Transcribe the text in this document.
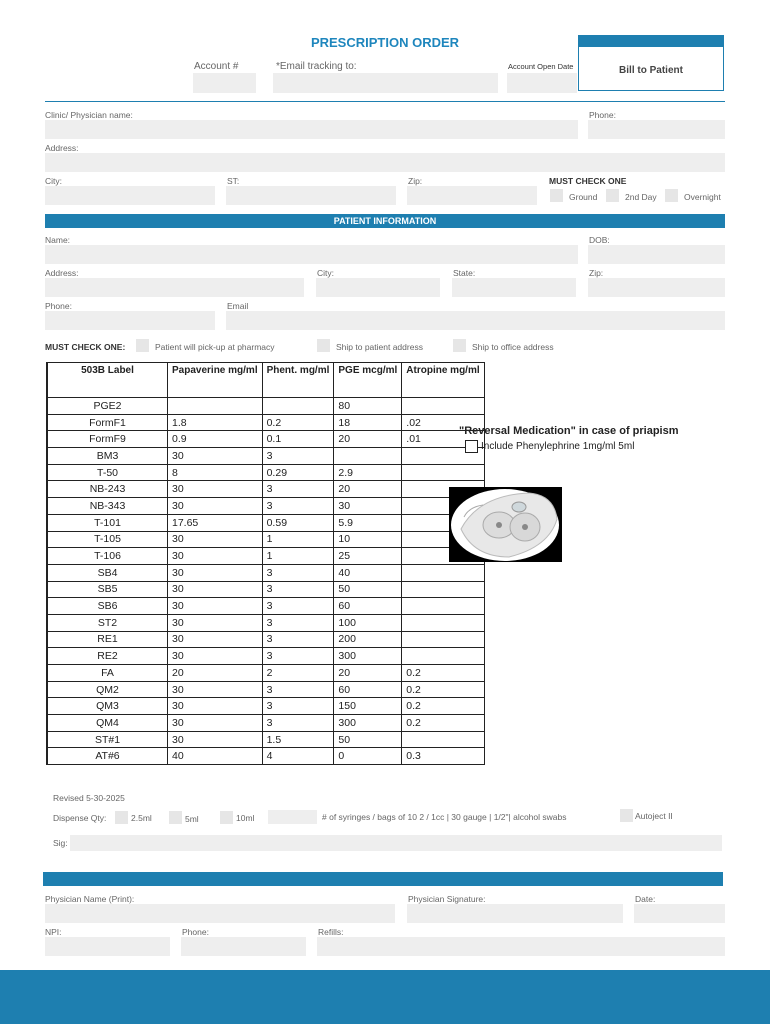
PRESCRIPTION ORDER
Account #	*Email tracking to:	Account Open Date	Bill to Patient
Clinic/ Physician name:	Phone:
Address:
City:	ST:	Zip:	MUST CHECK ONE
Ground	2nd Day	Overnight
PATIENT INFORMATION
Name:	DOB:
Address:	City:	State:	Zip:
Phone:	Email
MUST CHECK ONE:	Patient will pick-up at pharmacy	Ship to patient address	Ship to office address
	503B Label	Papaverine mg/ml	Phent. mg/ml	PGE mcg/ml	Atropine mg/ml
	PGE2			80	
	FormF1	1.8	0.2	18	.02
	FormF9	0.9	0.1	20	.01
	BM3	30	3		
	T-50	8	0.29	2.9	
	NB-243	30	3	20	
	NB-343	30	3	30	
	T-101	17.65	0.59	5.9	
	T-105	30	1	10	
	T-106	30	1	25	
	SB4	30	3	40	
	SB5	30	3	50	
	SB6	30	3	60	
	ST2	30	3	100	
	RE1	30	3	200	
	RE2	30	3	300	
	FA	20	2	20	0.2
	QM2	30	3	60	0.2
	QM3	30	3	150	0.2
	QM4	30	3	300	0.2
	ST#1	30	1.5	50	
	AT#6	40	4	0	0.3
"Reversal Medication" in case of priapism
Include Phenylephrine 1mg/ml 5ml
Revised 5-30-2025
Dispense Qty:	2.5ml	5ml	10ml	# of syringes / bags of 10 2 / 1cc | 30 gauge | 1/2"| alcohol swabs	Autoject II
Sig:
Physician Name (Print):	Physician Signature:	Date:
NPI:	Phone:	Refills:
